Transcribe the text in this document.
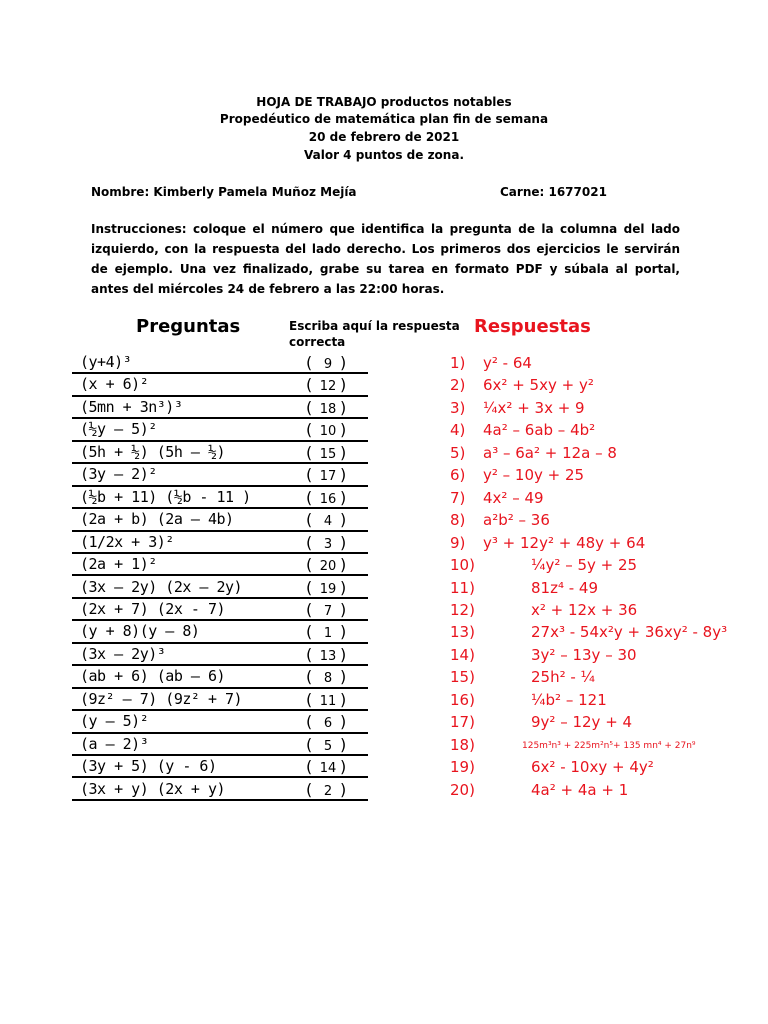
HOJA DE TRABAJO productos notables
Propedéutico de matemática plan fin de semana
20 de febrero de 2021
Valor 4 puntos de zona.
Nombre: Kimberly Pamela Muñoz Mejía	Carne: 1677021
Instrucciones: coloque el número que identifica la pregunta de la columna del lado izquierdo, con la respuesta del lado derecho. Los primeros dos ejercicios le servirán de ejemplo. Una vez finalizado, grabe su tarea en formato PDF y súbala al portal, antes del miércoles 24 de febrero a las 22:00 horas.
Preguntas	Escriba aquí la respuesta correcta
Respuestas
(y+4)³	( 9 )
(x + 6)²	( 12 )
(5mn + 3n³)³	( 18 )
(½y – 5)²	( 10 )
(5h + ½) (5h – ½)	( 15 )
(3y – 2)²	( 17 )
(½b + 11) (½b - 11 )	( 16 )
(2a + b) (2a – 4b)	( 4 )
(1/2x + 3)²	( 3 )
(2a + 1)²	( 20 )
(3x – 2y) (2x – 2y)	( 19 )
(2x + 7) (2x - 7)	( 7 )
(y + 8)(y – 8)	( 1 )
(3x – 2y)³	( 13 )
(ab + 6) (ab – 6)	( 8 )
(9z² – 7) (9z² + 7)	( 11 )
(y – 5)²	( 6 )
(a – 2)³	( 5 )
(3y + 5) (y - 6)	( 14 )
(3x + y) (2x + y)	( 2 )
1) y² - 64
2) 6x² + 5xy + y²
3) ¼x² + 3x + 9
4) 4a² – 6ab – 4b²
5) a³ – 6a² + 12a – 8
6) y² – 10y + 25
7) 4x² – 49
8) a²b² – 36
9) y³ + 12y² + 48y + 64
10)	¼y² – 5y + 25
11)	81z⁴ - 49
12)	x² + 12x + 36
13)	27x³ - 54x²y + 36xy² - 8y³
14)	3y² – 13y – 30
15)	25h² - ¼
16)	¼b² – 121
17)	9y² – 12y + 4
18)	125m³n³ + 225m²n⁵+ 135 mn⁴ + 27n⁹
19)	6x² - 10xy + 4y²
20)	4a² + 4a + 1
